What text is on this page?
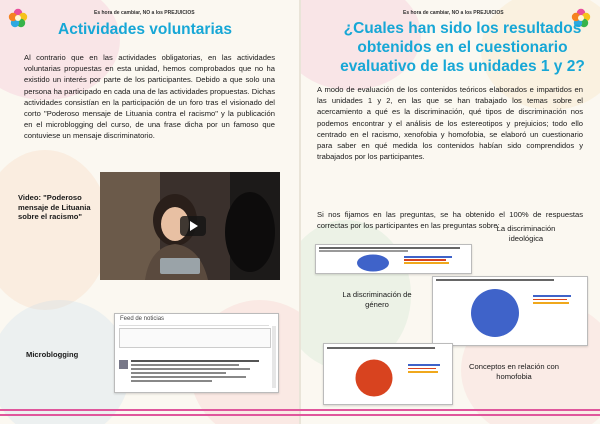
Es hora de cambiar, NO a los PREJUICIOS
Actividades voluntarias
Al contrario que en las actividades obligatorias, en las actividades voluntarias propuestas en esta unidad, hemos comprobados que no ha existido un interés por parte de los participantes. Debido a que solo una persona ha participado en cada una de las actividades propuestas. Dichas actividades consistían en la participación de un foro tras el visionado del corto "Poderoso mensaje de Lituania contra el racismo" y la publicación en el microblogging del curso, de una frase dicha por un famoso que contuviese un mensaje discriminatorio.
Video: "Poderoso mensaje de Lituania sobre el racismo"
Microblogging
Feed de noticias
Es hora de cambiar, NO a los PREJUICIOS
¿Cuales han sido los resultados obtenidos en el cuestionario evaluativo de las unidades 1 y 2?
A modo de evaluación de los contenidos teóricos elaborados e impartidos en las unidades 1 y 2, en las que se han trabajado los temas sobre el acercamiento a qué es la discriminación, qué tipos de discriminación nos podemos encontrar y el análisis de los estereotipos y prejuicios; todo ello centrado en el racismo, xenofobia y homofobia, se elaboró un cuestionario para saber en qué medida los contenidos habían sido comprendidos y trabajados por los participantes.
Si nos fijamos en las preguntas, se ha obtenido el 100% de respuestas correctas por los participantes en las preguntas sobre:
La discriminación ideológica
La discriminación de género
Conceptos en relación con homofobia
